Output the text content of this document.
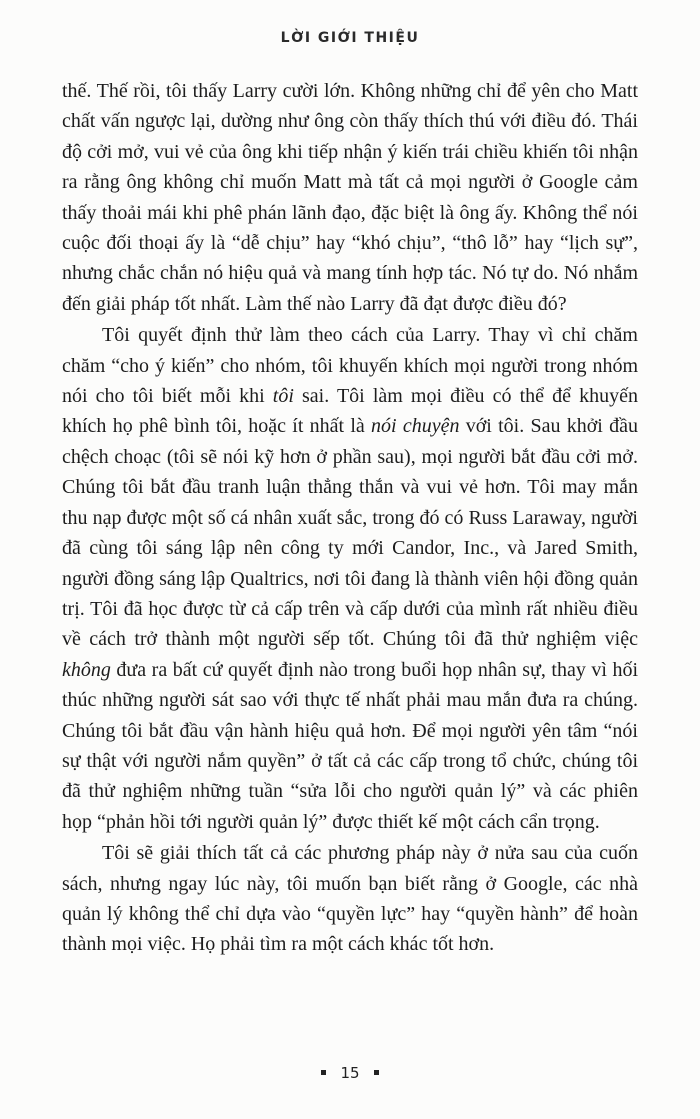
LỜI GIỚI THIỆU

thế. Thế rồi, tôi thấy Larry cười lớn. Không những chỉ để yên cho Matt chất vấn ngược lại, dường như ông còn thấy thích thú với điều đó. Thái độ cởi mở, vui vẻ của ông khi tiếp nhận ý kiến trái chiều khiến tôi nhận ra rằng ông không chỉ muốn Matt mà tất cả mọi người ở Google cảm thấy thoải mái khi phê phán lãnh đạo, đặc biệt là ông ấy. Không thể nói cuộc đối thoại ấy là “dễ chịu” hay “khó chịu”, “thô lỗ” hay “lịch sự”, nhưng chắc chắn nó hiệu quả và mang tính hợp tác. Nó tự do. Nó nhắm đến giải pháp tốt nhất. Làm thế nào Larry đã đạt được điều đó?

Tôi quyết định thử làm theo cách của Larry. Thay vì chỉ chăm chăm “cho ý kiến” cho nhóm, tôi khuyến khích mọi người trong nhóm nói cho tôi biết mỗi khi tôi sai. Tôi làm mọi điều có thể để khuyến khích họ phê bình tôi, hoặc ít nhất là nói chuyện với tôi. Sau khởi đầu chệch choạc (tôi sẽ nói kỹ hơn ở phần sau), mọi người bắt đầu cởi mở. Chúng tôi bắt đầu tranh luận thẳng thắn và vui vẻ hơn. Tôi may mắn thu nạp được một số cá nhân xuất sắc, trong đó có Russ Laraway, người đã cùng tôi sáng lập nên công ty mới Candor, Inc., và Jared Smith, người đồng sáng lập Qualtrics, nơi tôi đang là thành viên hội đồng quản trị. Tôi đã học được từ cả cấp trên và cấp dưới của mình rất nhiều điều về cách trở thành một người sếp tốt. Chúng tôi đã thử nghiệm việc không đưa ra bất cứ quyết định nào trong buổi họp nhân sự, thay vì hối thúc những người sát sao với thực tế nhất phải mau mắn đưa ra chúng. Chúng tôi bắt đầu vận hành hiệu quả hơn. Để mọi người yên tâm “nói sự thật với người nắm quyền” ở tất cả các cấp trong tổ chức, chúng tôi đã thử nghiệm những tuần “sửa lỗi cho người quản lý” và các phiên họp “phản hồi tới người quản lý” được thiết kế một cách cẩn trọng.

Tôi sẽ giải thích tất cả các phương pháp này ở nửa sau của cuốn sách, nhưng ngay lúc này, tôi muốn bạn biết rằng ở Google, các nhà quản lý không thể chỉ dựa vào “quyền lực” hay “quyền hành” để hoàn thành mọi việc. Họ phải tìm ra một cách khác tốt hơn.

15
